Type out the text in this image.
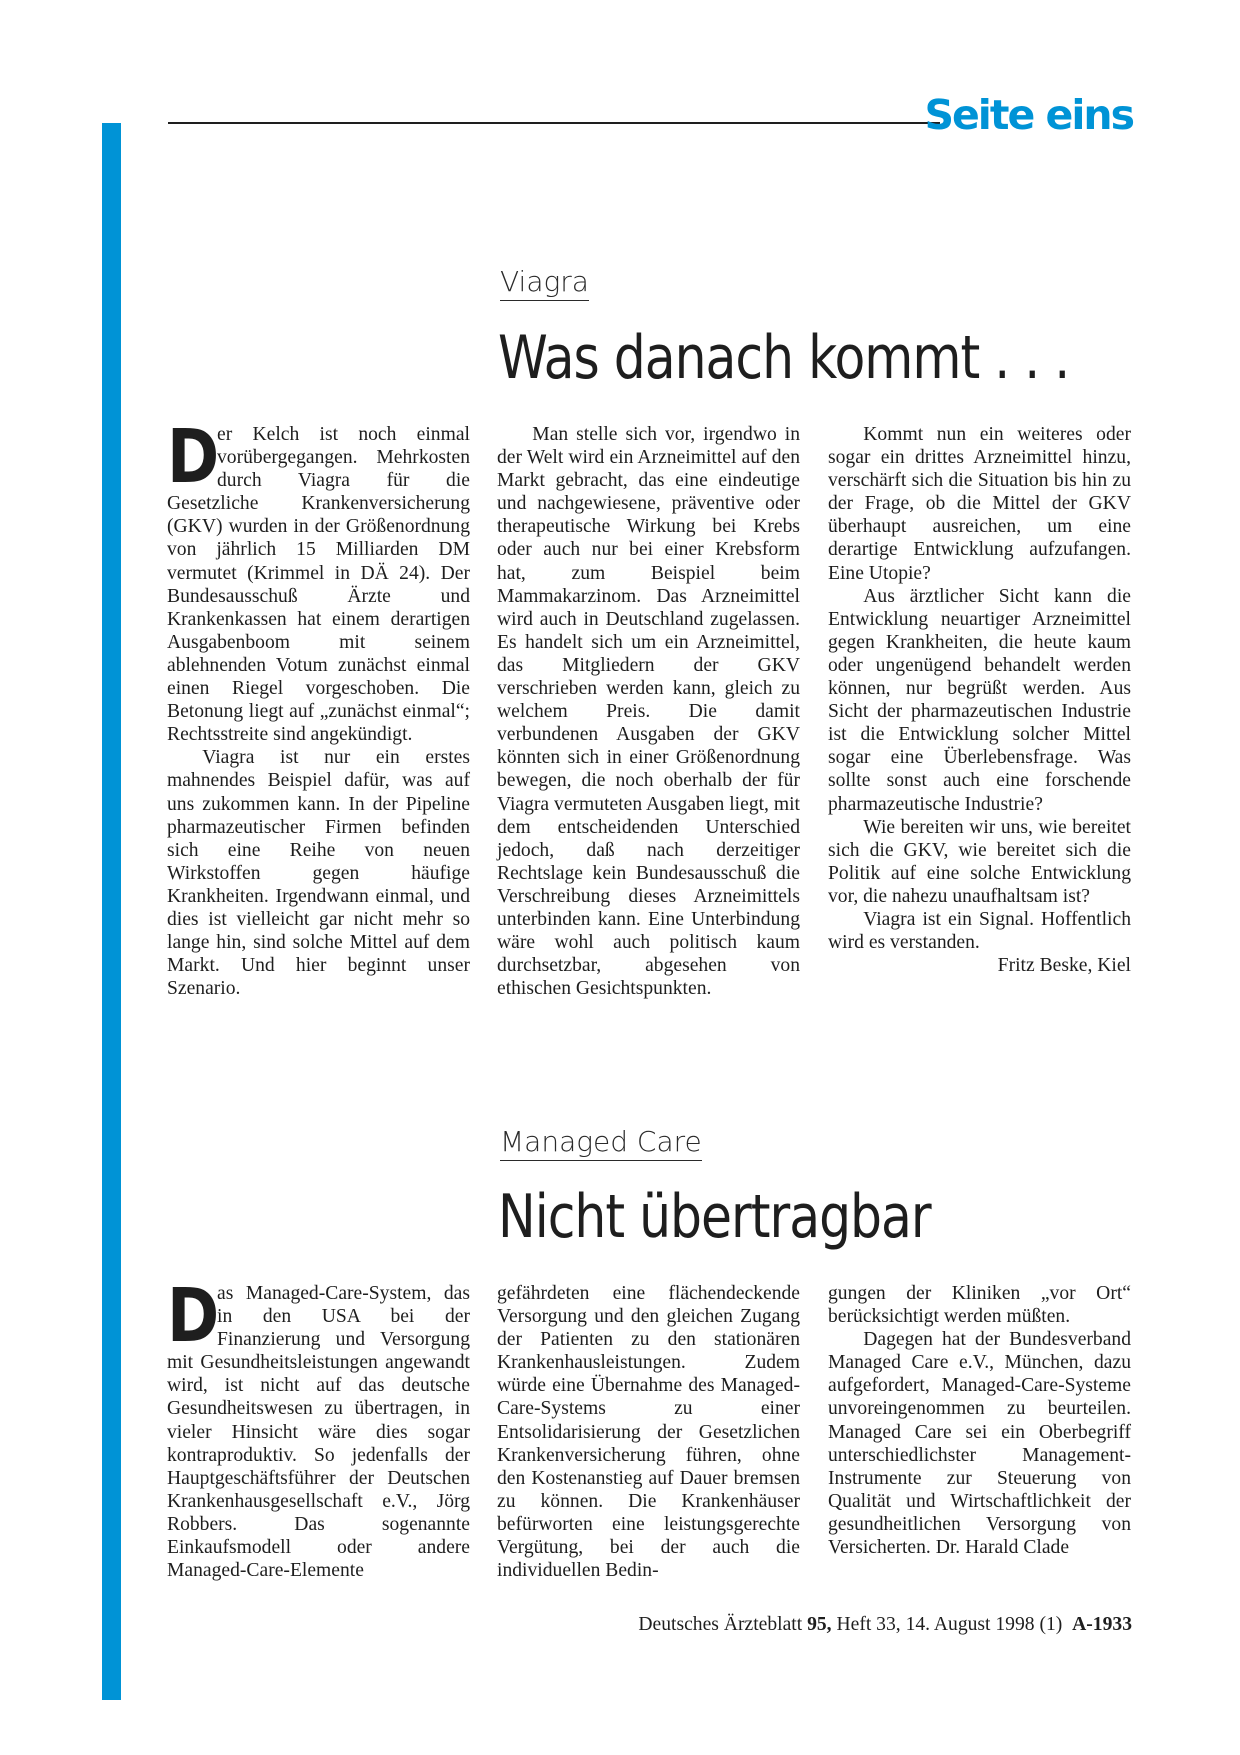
Seite eins
Viagra
Was danach kommt . . .

D
er Kelch ist noch einmal vorübergegangen. Mehrkosten durch Viagra für die Gesetzliche Krankenversicherung (GKV) wurden in der Größenordnung von jährlich 15 Milliarden DM vermutet (Krimmel in DÄ 24). Der Bundesausschuß Ärzte und Krankenkassen hat einem derartigen Ausgabenboom mit seinem ablehnenden Votum zunächst einmal einen Riegel vorgeschoben. Die Betonung liegt auf „zunächst einmal“; Rechtsstreite sind angekündigt.

Viagra ist nur ein erstes mahnendes Beispiel dafür, was auf uns zukommen kann. In der Pipeline pharmazeutischer Firmen befinden sich eine Reihe von neuen Wirkstoffen gegen häufige Krankheiten. Irgendwann einmal, und dies ist vielleicht gar nicht mehr so lange hin, sind solche Mittel auf dem Markt. Und hier beginnt unser Szenario.

Man stelle sich vor, irgendwo in der Welt wird ein Arzneimittel auf den Markt gebracht, das eine eindeutige und nachgewiesene, präventive oder therapeutische Wirkung bei Krebs oder auch nur bei einer Krebsform hat, zum Beispiel beim Mammakarzinom. Das Arzneimittel wird auch in Deutschland zugelassen. Es handelt sich um ein Arzneimittel, das Mitgliedern der GKV verschrieben werden kann, gleich zu welchem Preis. Die damit verbundenen Ausgaben der GKV könnten sich in einer Größenordnung bewegen, die noch oberhalb der für Viagra vermuteten Ausgaben liegt, mit dem entscheidenden Unterschied jedoch, daß nach derzeitiger Rechtslage kein Bundesausschuß die Verschreibung dieses Arzneimittels unterbinden kann. Eine Unterbindung wäre wohl auch politisch kaum durchsetzbar, abgesehen von ethischen Gesichtspunkten.

Kommt nun ein weiteres oder sogar ein drittes Arzneimittel hinzu, verschärft sich die Situation bis hin zu der Frage, ob die Mittel der GKV überhaupt ausreichen, um eine derartige Entwicklung aufzufangen. Eine Utopie?

Aus ärztlicher Sicht kann die Entwicklung neuartiger Arzneimittel gegen Krankheiten, die heute kaum oder ungenügend behandelt werden können, nur begrüßt werden. Aus Sicht der pharmazeutischen Industrie ist die Entwicklung solcher Mittel sogar eine Überlebensfrage. Was sollte sonst auch eine forschende pharmazeutische Industrie?

Wie bereiten wir uns, wie bereitet sich die GKV, wie bereitet sich die Politik auf eine solche Entwicklung vor, die nahezu unaufhaltsam ist?

Viagra ist ein Signal. Hoffentlich wird es verstanden.

Fritz Beske, Kiel

Managed Care
Nicht übertragbar

D
as Managed-Care-System, das in den USA bei der Finanzierung und Versorgung mit Gesundheitsleistungen angewandt wird, ist nicht auf das deutsche Gesundheitswesen zu übertragen, in vieler Hinsicht wäre dies sogar kontraproduktiv. So jedenfalls der Hauptgeschäftsführer der Deutschen Krankenhausgesellschaft e.V., Jörg Robbers. Das sogenannte Einkaufsmodell oder andere Managed-Care-Elemente

gefährdeten eine flächendeckende Versorgung und den gleichen Zugang der Patienten zu den stationären Krankenhausleistungen. Zudem würde eine Übernahme des Managed-Care-Systems zu einer Entsolidarisierung der Gesetzlichen Krankenversicherung führen, ohne den Kostenanstieg auf Dauer bremsen zu können. Die Krankenhäuser befürworten eine leistungsgerechte Vergütung, bei der auch die individuellen Bedin-

gungen der Kliniken „vor Ort“ berücksichtigt werden müßten.

Dagegen hat der Bundesverband Managed Care e.V., München, dazu aufgefordert, Managed-Care-Systeme unvoreingenommen zu beurteilen. Managed Care sei ein Oberbegriff unterschiedlichster Management-Instrumente zur Steuerung von Qualität und Wirtschaftlichkeit der gesundheitlichen Versorgung von Versicherten. Dr. Harald Clade

Deutsches Ärzteblatt 95, Heft 33, 14. August 1998 (1) A-1933
